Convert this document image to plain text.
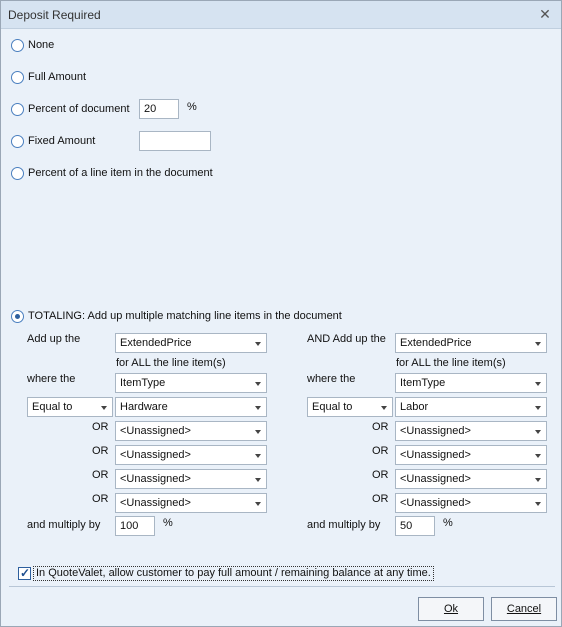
Deposit Required	✕
None
Full Amount
Percent of document	20	%
Fixed Amount
Percent of a line item in the document
TOTALING: Add up multiple matching line items in the document
Add up the	ExtendedPrice
for ALL the line item(s)
where the	ItemType
Equal to	Hardware
OR	<Unassigned>
OR	<Unassigned>
OR	<Unassigned>
OR	<Unassigned>
and multiply by	100	%
AND Add up the	ExtendedPrice
for ALL the line item(s)
where the	ItemType
Equal to	Labor
OR	<Unassigned>
OR	<Unassigned>
OR	<Unassigned>
OR	<Unassigned>
and multiply by	50	%
✓ In QuoteValet, allow customer to pay full amount / remaining balance at any time.
Ok	Cancel
